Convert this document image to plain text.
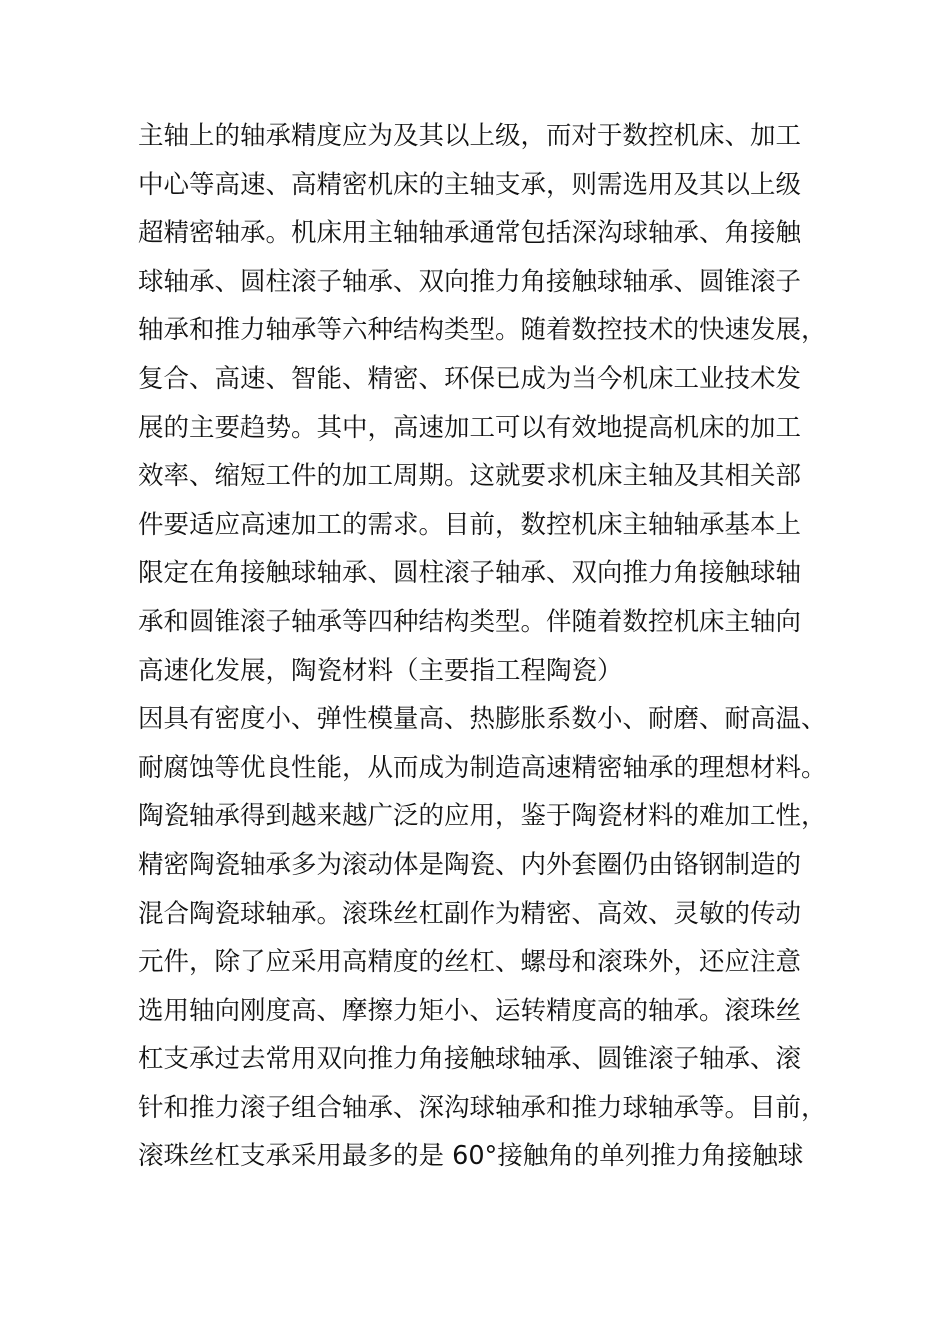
主轴上的轴承精度应为及其以上级，而对于数控机床、加工
中心等高速、高精密机床的主轴支承，则需选用及其以上级
超精密轴承。机床用主轴轴承通常包括深沟球轴承、角接触
球轴承、圆柱滚子轴承、双向推力角接触球轴承、圆锥滚子
轴承和推力轴承等六种结构类型。随着数控技术的快速发展，
复合、高速、智能、精密、环保已成为当今机床工业技术发
展的主要趋势。其中，高速加工可以有效地提高机床的加工
效率、缩短工件的加工周期。这就要求机床主轴及其相关部
件要适应高速加工的需求。目前，数控机床主轴轴承基本上
限定在角接触球轴承、圆柱滚子轴承、双向推力角接触球轴
承和圆锥滚子轴承等四种结构类型。伴随着数控机床主轴向
高速化发展，陶瓷材料（主要指工程陶瓷）
因具有密度小、弹性模量高、热膨胀系数小、耐磨、耐高温、
耐腐蚀等优良性能，从而成为制造高速精密轴承的理想材料。
陶瓷轴承得到越来越广泛的应用，鉴于陶瓷材料的难加工性，
精密陶瓷轴承多为滚动体是陶瓷、内外套圈仍由铬钢制造的
混合陶瓷球轴承。滚珠丝杠副作为精密、高效、灵敏的传动
元件，除了应采用高精度的丝杠、螺母和滚珠外，还应注意
选用轴向刚度高、摩擦力矩小、运转精度高的轴承。滚珠丝
杠支承过去常用双向推力角接触球轴承、圆锥滚子轴承、滚
针和推力滚子组合轴承、深沟球轴承和推力球轴承等。目前，
滚珠丝杠支承采用最多的是 60°接触角的单列推力角接触球
